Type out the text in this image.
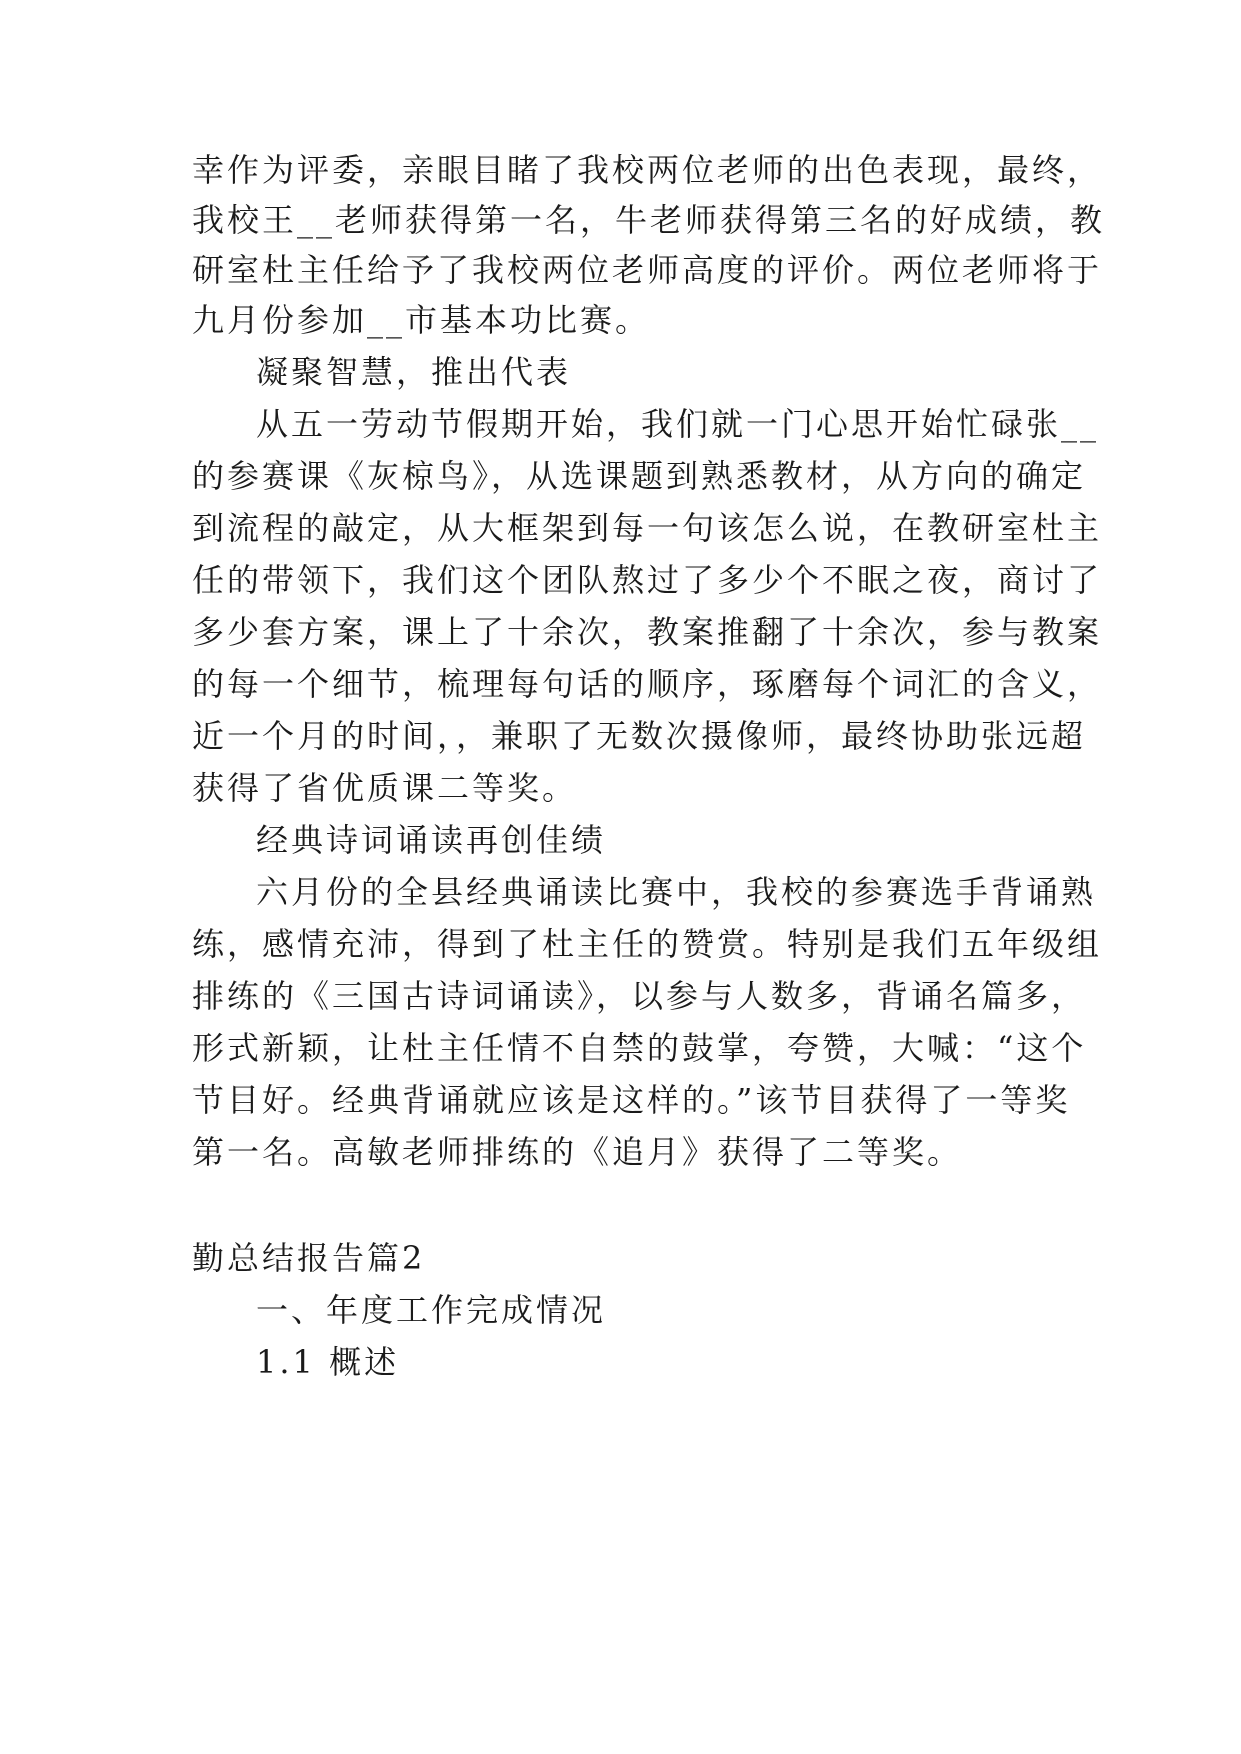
幸作为评委，亲眼目睹了我校两位老师的出色表现，最终，
我校王__老师获得第一名，牛老师获得第三名的好成绩，教
研室杜主任给予了我校两位老师高度的评价。两位老师将于
九月份参加__市基本功比赛。
凝聚智慧，推出代表
从五一劳动节假期开始，我们就一门心思开始忙碌张__
的参赛课《灰椋鸟》，从选课题到熟悉教材，从方向的确定
到流程的敲定，从大框架到每一句该怎么说，在教研室杜主
任的带领下，我们这个团队熬过了多少个不眠之夜，商讨了
多少套方案，课上了十余次，教案推翻了十余次，参与教案
的每一个细节，梳理每句话的顺序，琢磨每个词汇的含义，
近一个月的时间，，兼职了无数次摄像师，最终协助张远超
获得了省优质课二等奖。
经典诗词诵读再创佳绩
六月份的全县经典诵读比赛中，我校的参赛选手背诵熟
练，感情充沛，得到了杜主任的赞赏。特别是我们五年级组
排练的《三国古诗词诵读》，以参与人数多，背诵名篇多，
形式新颖，让杜主任情不自禁的鼓掌，夸赞，大喊：“这个
节目好。经典背诵就应该是这样的。”该节目获得了一等奖
第一名。高敏老师排练的《追月》获得了二等奖。
勤总结报告篇2
一、年度工作完成情况
1.1 概述
